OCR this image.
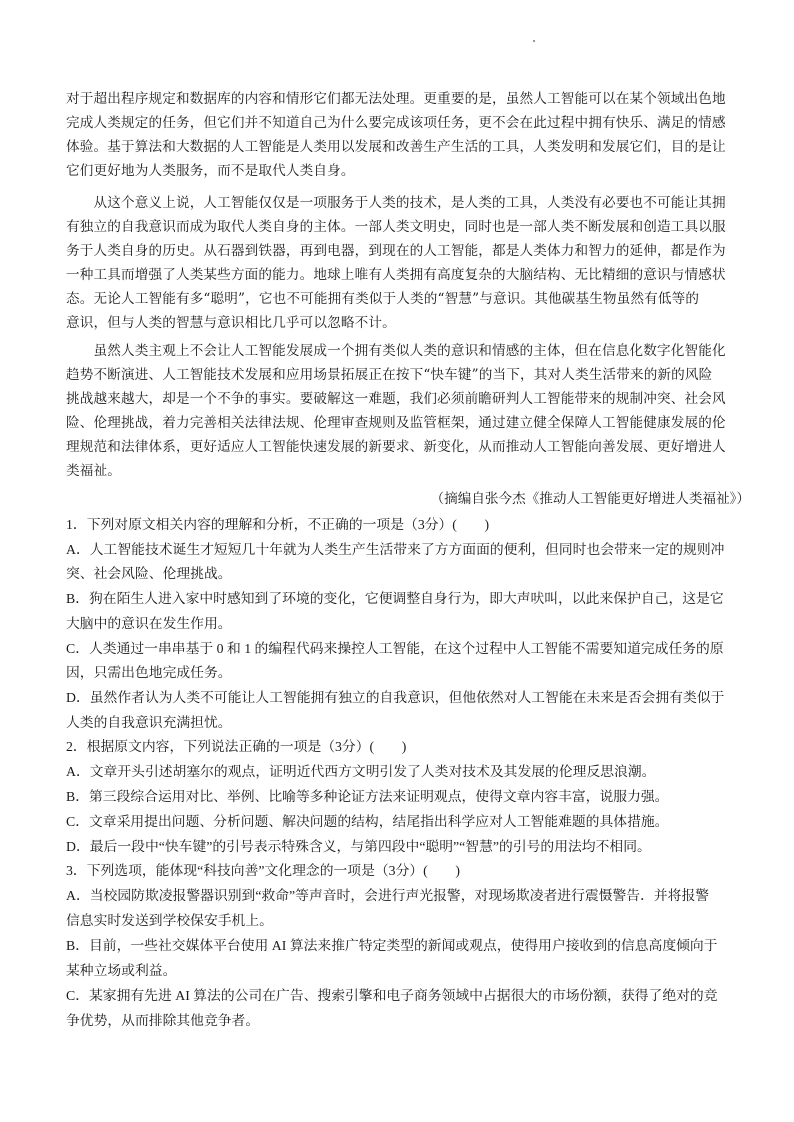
对于超出程序规定和数据库的内容和情形它们都无法处理。更重要的是，虽然人工智能可以在某个领域出色地
完成人类规定的任务，但它们并不知道自己为什么要完成该项任务，更不会在此过程中拥有快乐、满足的情感
体验。基于算法和大数据的人工智能是人类用以发展和改善生产生活的工具，人类发明和发展它们，目的是让
它们更好地为人类服务，而不是取代人类自身。
　　从这个意义上说，人工智能仅仅是一项服务于人类的技术，是人类的工具，人类没有必要也不可能让其拥
有独立的自我意识而成为取代人类自身的主体。一部人类文明史，同时也是一部人类不断发展和创造工具以服
务于人类自身的历史。从石器到铁器，再到电器，到现在的人工智能，都是人类体力和智力的延伸，都是作为
一种工具而增强了人类某些方面的能力。地球上唯有人类拥有高度复杂的大脑结构、无比精细的意识与情感状
态。无论人工智能有多“聪明”，它也不可能拥有类似于人类的“智慧”与意识。其他碳基生物虽然有低等的
意识，但与人类的智慧与意识相比几乎可以忽略不计。
　　虽然人类主观上不会让人工智能发展成一个拥有类似人类的意识和情感的主体，但在信息化数字化智能化
趋势不断演进、人工智能技术发展和应用场景拓展正在按下“快车键”的当下，其对人类生活带来的新的风险
挑战越来越大，却是一个不争的事实。要破解这一难题，我们必须前瞻研判人工智能带来的规制冲突、社会风
险、伦理挑战，着力完善相关法律法规、伦理审查规则及监管框架，通过建立健全保障人工智能健康发展的伦
理规范和法律体系，更好适应人工智能快速发展的新要求、新变化，从而推动人工智能向善发展、更好增进人
类福祉。
（摘编自张今杰《推动人工智能更好增进人类福祉》）
1．下列对原文相关内容的理解和分析，不正确的一项是（3分）(　　)
A．人工智能技术诞生才短短几十年就为人类生产生活带来了方方面面的便利，但同时也会带来一定的规则冲
突、社会风险、伦理挑战。
B．狗在陌生人进入家中时感知到了环境的变化，它便调整自身行为，即大声吠叫，以此来保护自己，这是它
大脑中的意识在发生作用。
C．人类通过一串串基于 0 和 1 的编程代码来操控人工智能，在这个过程中人工智能不需要知道完成任务的原
因，只需出色地完成任务。
D．虽然作者认为人类不可能让人工智能拥有独立的自我意识，但他依然对人工智能在未来是否会拥有类似于
人类的自我意识充满担忧。
2．根据原文内容，下列说法正确的一项是（3分）(　　)
A．文章开头引述胡塞尔的观点，证明近代西方文明引发了人类对技术及其发展的伦理反思浪潮。
B．第三段综合运用对比、举例、比喻等多种论证方法来证明观点，使得文章内容丰富，说服力强。
C．文章采用提出问题、分析问题、解决问题的结构，结尾指出科学应对人工智能难题的具体措施。
D．最后一段中“快车键”的引号表示特殊含义，与第四段中“聪明”“智慧”的引号的用法均不相同。
3．下列选项，能体现“科技向善”文化理念的一项是（3分）(　　)
A．当校园防欺凌报警器识别到“救命”等声音时，会进行声光报警，对现场欺凌者进行震慑警告．并将报警
信息实时发送到学校保安手机上。
B．目前，一些社交媒体平台使用 AI 算法来推广特定类型的新闻或观点，使得用户接收到的信息高度倾向于
某种立场或利益。
C．某家拥有先进 AI 算法的公司在广告、搜索引擎和电子商务领域中占据很大的市场份额，获得了绝对的竞
争优势，从而排除其他竞争者。
